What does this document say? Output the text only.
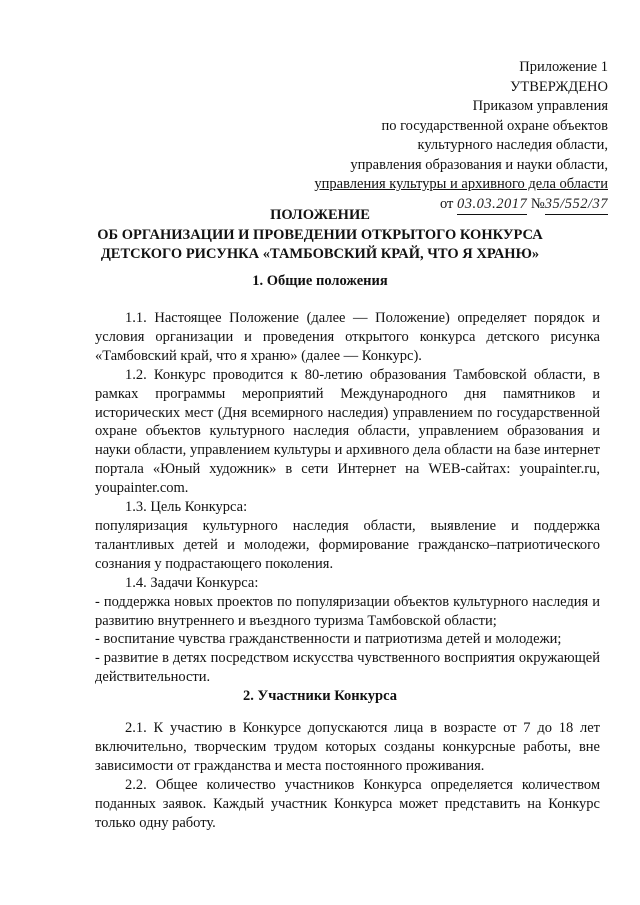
Приложение 1
УТВЕРЖДЕНО
Приказом управления
по государственной охране объектов
культурного наследия области,
управления образования и науки области,
управления культуры и архивного дела области
от 03.03.2017 №35/552/37
ПОЛОЖЕНИЕ
ОБ ОРГАНИЗАЦИИ И ПРОВЕДЕНИИ ОТКРЫТОГО КОНКУРСА
ДЕТСКОГО РИСУНКА «ТАМБОВСКИЙ КРАЙ, ЧТО Я ХРАНЮ»
1. Общие положения

1.1. Настоящее Положение (далее — Положение) определяет порядок и условия организации и проведения открытого конкурса детского рисунка «Тамбовский край, что я храню» (далее — Конкурс).

1.2. Конкурс проводится к 80-летию образования Тамбовской области, в рамках программы мероприятий Международного дня памятников и исторических мест (Дня всемирного наследия) управлением по государственной охране объектов культурного наследия области, управлением образования и науки области, управлением культуры и архивного дела области на базе интернет портала «Юный художник» в сети Интернет на WEB-сайтах: youpainter.ru, youpainter.com.

1.3. Цель Конкурса:

популяризация культурного наследия области, выявление и поддержка талантливых детей и молодежи, формирование гражданско–патриотического сознания у подрастающего поколения.

1.4. Задачи Конкурса:

- поддержка новых проектов по популяризации объектов культурного наследия и развитию внутреннего и въездного туризма Тамбовской области;

- воспитание чувства гражданственности и патриотизма детей и молодежи;

- развитие в детях посредством искусства чувственного восприятия окружающей действительности.

2. Участники Конкурса

2.1. К участию в Конкурсе допускаются лица в возрасте от 7 до 18 лет включительно, творческим трудом которых созданы конкурсные работы, вне зависимости от гражданства и места постоянного проживания.

2.2. Общее количество участников Конкурса определяется количеством поданных заявок. Каждый участник Конкурса может представить на Конкурс только одну работу.
